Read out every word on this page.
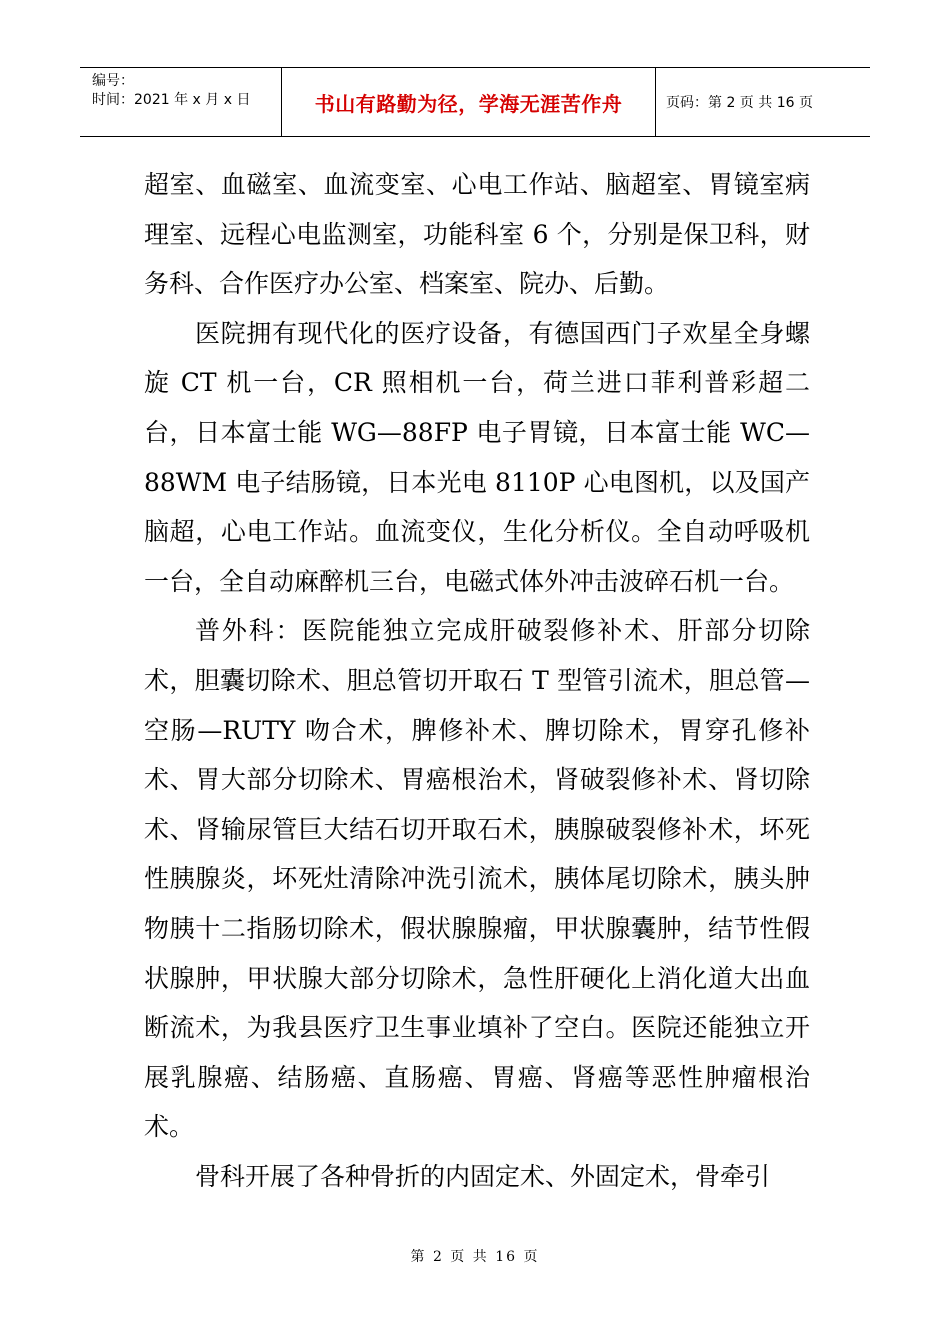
编号：
时间：2021 年 x 月 x 日	书山有路勤为径，学海无涯苦作舟	页码：第 2 页 共 16 页

超室、血磁室、血流变室、心电工作站、脑超室、胃镜室病理室、远程心电监测室，功能科室 6 个，分别是保卫科，财务科、合作医疗办公室、档案室、院办、后勤。

医院拥有现代化的医疗设备，有德国西门子欢星全身螺旋 CT 机一台，CR 照相机一台，荷兰进口菲利普彩超二台，日本富士能 WG—88FP 电子胃镜，日本富士能 WC—88WM 电子结肠镜，日本光电 8110P 心电图机，以及国产脑超，心电工作站。血流变仪，生化分析仪。全自动呼吸机一台，全自动麻醉机三台，电磁式体外冲击波碎石机一台。

普外科：医院能独立完成肝破裂修补术、肝部分切除术，胆囊切除术、胆总管切开取石 T 型管引流术，胆总管—空肠—RUTY 吻合术，脾修补术、脾切除术，胃穿孔修补术、胃大部分切除术、胃癌根治术，肾破裂修补术、肾切除术、肾输尿管巨大结石切开取石术，胰腺破裂修补术，坏死性胰腺炎，坏死灶清除冲洗引流术，胰体尾切除术，胰头肿物胰十二指肠切除术，假状腺腺瘤，甲状腺囊肿，结节性假状腺肿，甲状腺大部分切除术，急性肝硬化上消化道大出血断流术，为我县医疗卫生事业填补了空白。医院还能独立开展乳腺癌、结肠癌、直肠癌、胃癌、肾癌等恶性肿瘤根治术。

骨科开展了各种骨折的内固定术、外固定术，骨牵引

第 2 页 共 16 页
